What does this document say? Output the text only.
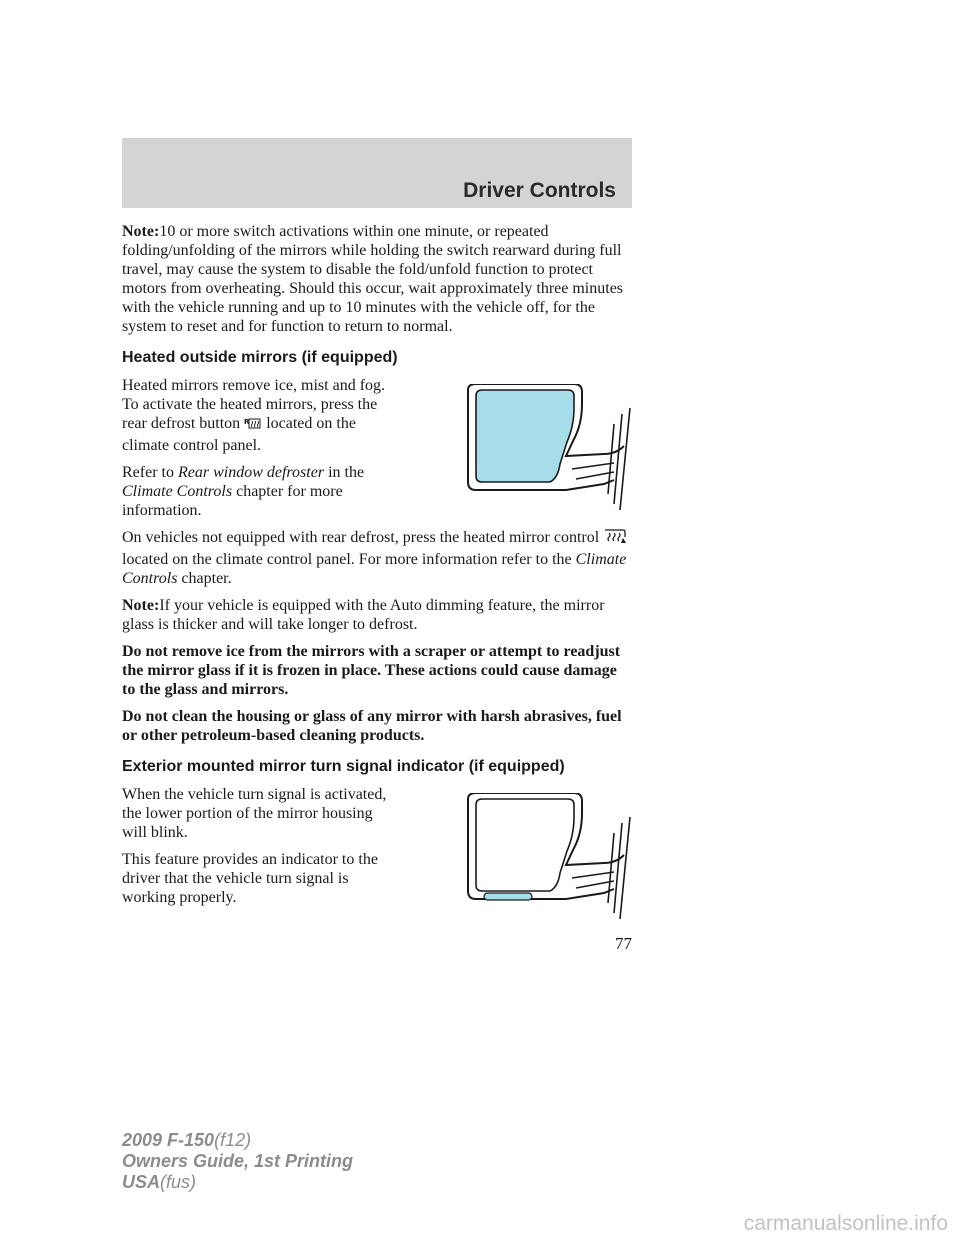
Driver Controls

Note:10 or more switch activations within one minute, or repeated folding/unfolding of the mirrors while holding the switch rearward during full travel, may cause the system to disable the fold/unfold function to protect motors from overheating. Should this occur, wait approximately three minutes with the vehicle running and up to 10 minutes with the vehicle off, for the system to reset and for function to return to normal.

Heated outside mirrors (if equipped)

Heated mirrors remove ice, mist and fog. To activate the heated mirrors, press the rear defrost button R located on the climate control panel.

Refer to Rear window defroster in the Climate Controls chapter for more information.

On vehicles not equipped with rear defrost, press the heated mirror control  located on the climate control panel. For more information refer to the Climate Controls chapter.

Note:If your vehicle is equipped with the Auto dimming feature, the mirror glass is thicker and will take longer to defrost.

Do not remove ice from the mirrors with a scraper or attempt to readjust the mirror glass if it is frozen in place. These actions could cause damage to the glass and mirrors.

Do not clean the housing or glass of any mirror with harsh abrasives, fuel or other petroleum-based cleaning products.

Exterior mounted mirror turn signal indicator (if equipped)

When the vehicle turn signal is activated, the lower portion of the mirror housing will blink.

This feature provides an indicator to the driver that the vehicle turn signal is working properly.

77
2009 F-150(f12)
Owners Guide, 1st Printing
USA(fus)
carmanualsonline.info
